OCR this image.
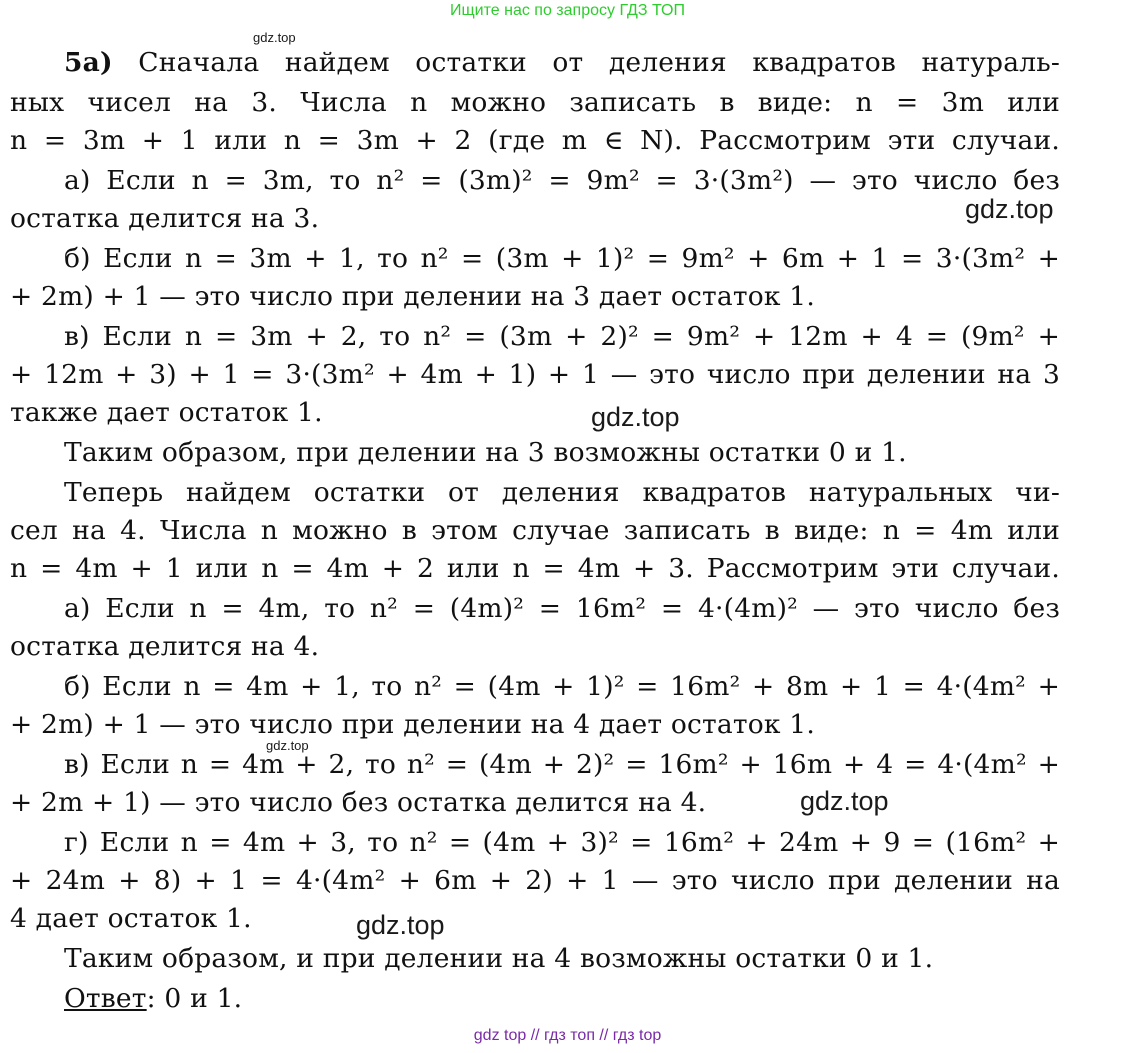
Ищите нас по запросу ГДЗ ТОП
gdz.top
gdz.top
gdz.top
gdz.top
gdz.top
gdz.top
5а) Сначала найдем остатки от деления квадратов натураль-
ных чисел на 3. Числа n можно записать в виде: n = 3m или
n = 3m + 1 или n = 3m + 2 (где m ∈ N). Рассмотрим эти случаи.
а) Если n = 3m, то n² = (3m)² = 9m² = 3·(3m²) — это число без
остатка делится на 3.
б) Если n = 3m + 1, то n² = (3m + 1)² = 9m² + 6m + 1 = 3·(3m² +
+ 2m) + 1 — это число при делении на 3 дает остаток 1.
в) Если n = 3m + 2, то n² = (3m + 2)² = 9m² + 12m + 4 = (9m² +
+ 12m + 3) + 1 = 3·(3m² + 4m + 1) + 1 — это число при делении на 3
также дает остаток 1.
Таким образом, при делении на 3 возможны остатки 0 и 1.
Теперь найдем остатки от деления квадратов натуральных чи-
сел на 4. Числа n можно в этом случае записать в виде: n = 4m или
n = 4m + 1 или n = 4m + 2 или n = 4m + 3. Рассмотрим эти случаи.
а) Если n = 4m, то n² = (4m)² = 16m² = 4·(4m)² — это число без
остатка делится на 4.
б) Если n = 4m + 1, то n² = (4m + 1)² = 16m² + 8m + 1 = 4·(4m² +
+ 2m) + 1 — это число при делении на 4 дает остаток 1.
в) Если n = 4m + 2, то n² = (4m + 2)² = 16m² + 16m + 4 = 4·(4m² +
+ 2m + 1) — это число без остатка делится на 4.
г) Если n = 4m + 3, то n² = (4m + 3)² = 16m² + 24m + 9 = (16m² +
+ 24m + 8) + 1 = 4·(4m² + 6m + 2) + 1 — это число при делении на
4 дает остаток 1.
Таким образом, и при делении на 4 возможны остатки 0 и 1.
Ответ: 0 и 1.
gdz top // гдз топ // гдз top
